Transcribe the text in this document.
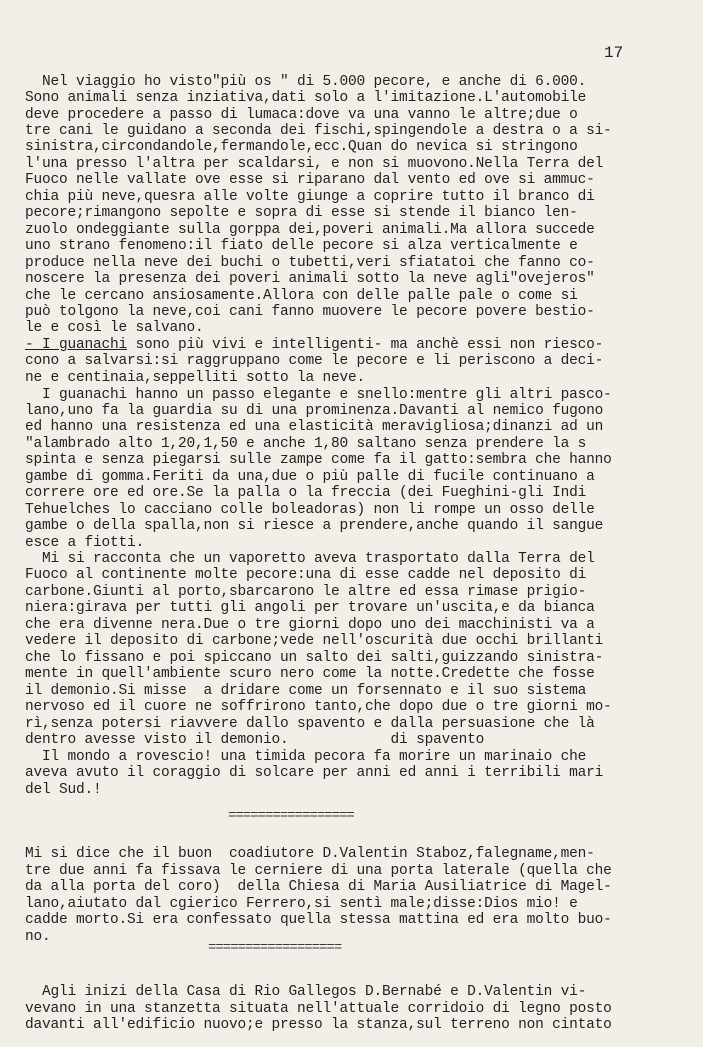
17
Nel viaggio ho visto"più os " di 5.000 pecore, e anche di 6.000.
Sono animali senza inziativa,dati solo a l'imitazione.L'automobile
deve procedere a passo di lumaca:dove va una vanno le altre;due o
tre cani le guidano a seconda dei fischi,spingendole a destra o a si-
sinistra,circondandole,fermandole,ecc.Quan do nevica si stringono
l'una presso l'altra per scaldarsi, e non si muovono.Nella Terra del
Fuoco nelle vallate ove esse si riparano dal vento ed ove si ammuc-
chia più neve,quesra alle volte giunge a coprire tutto il branco di
pecore;rimangono sepolte e sopra di esse si stende il bianco len-
zuolo ondeggiante sulla gorppa dei,poveri animali.Ma allora succede
uno strano fenomeno:il fiato delle pecore si alza verticalmente e
produce nella neve dei buchi o tubetti,veri sfiatatoi che fanno co-
noscere la presenza dei poveri animali sotto la neve agli"ovejeros"
che le cercano ansiosamente.Allora con delle palle pale o come si
può tolgono la neve,coi cani fanno muovere le pecore povere bestio-
le e così le salvano.
- I guanachi sono più vivi e intelligenti- ma anchè essi non riesco-
cono a salvarsi:si raggruppano come le pecore e li periscono a deci-
ne e centinaia,seppelliti sotto la neve.
I guanachi hanno un passo elegante e snello:mentre gli altri pasco-
lano,uno fa la guardia su di una prominenza.Davanti al nemico fugono
ed hanno una resistenza ed una elasticità meravigliosa;dinanzi ad un
"alambrado alto 1,20,1,50 e anche 1,80 saltano senza prendere la s
spinta e senza piegarsi sulle zampe come fa il gatto:sembra che hanno
gambe di gomma.Feriti da una,due o più palle di fucile continuano a
correre ore ed ore.Se la palla o la freccia (dei Fueghini-gli Indi
Tehuelches lo cacciano colle boleadoras) non li rompe un osso delle
gambe o della spalla,non si riesce a prendere,anche quando il sangue
esce a fiotti.
Mi si racconta che un vaporetto aveva trasportato dalla Terra del
Fuoco al continente molte pecore:una di esse cadde nel deposito di
carbone.Giunti al porto,sbarcarono le altre ed essa rimase prigio-
niera:girava per tutti gli angoli per trovare un'uscita,e da bianca
che era divenne nera.Due o tre giorni dopo uno dei macchinisti va a
vedere il deposito di carbone;vede nell'oscurità due occhi brillanti
che lo fissano e poi spiccano un salto dei salti,guizzando sinistra-
mente in quell'ambiente scuro nero come la notte.Credette che fosse
il demonio.Si misse  a dridare come un forsennato e il suo sistema
nervoso ed il cuore ne soffrirono tanto,che dopo due o tre giorni mo-
rì,senza potersi riavvere dallo spavento e dalla persuasione che là
dentro avesse visto il demonio.            di spavento
Il mondo a rovescio! una timida pecora fa morire un marinaio che
aveva avuto il coraggio di solcare per anni ed anni i terribili mari
del Sud.!
=================
Mi si dice che il buon  coadiutore D.Valentin Staboz,falegname,men-
tre due anni fa fissava le cerniere di una porta laterale (quella che
da alla porta del coro)  della Chiesa di Maria Ausiliatrice di Magel-
lano,aiutato dal cgierico Ferrero,si sentì male;disse:Dios mio! e
cadde morto.Si era confessato quella stessa mattina ed era molto buo-
no.
==================
Agli inizi della Casa di Rio Gallegos D.Bernabé e D.Valentin vi-
vevano in una stanzetta situata nell'attuale corridoio di legno posto
davanti all'edificio nuovo;e presso la stanza,sul terreno non cintato
